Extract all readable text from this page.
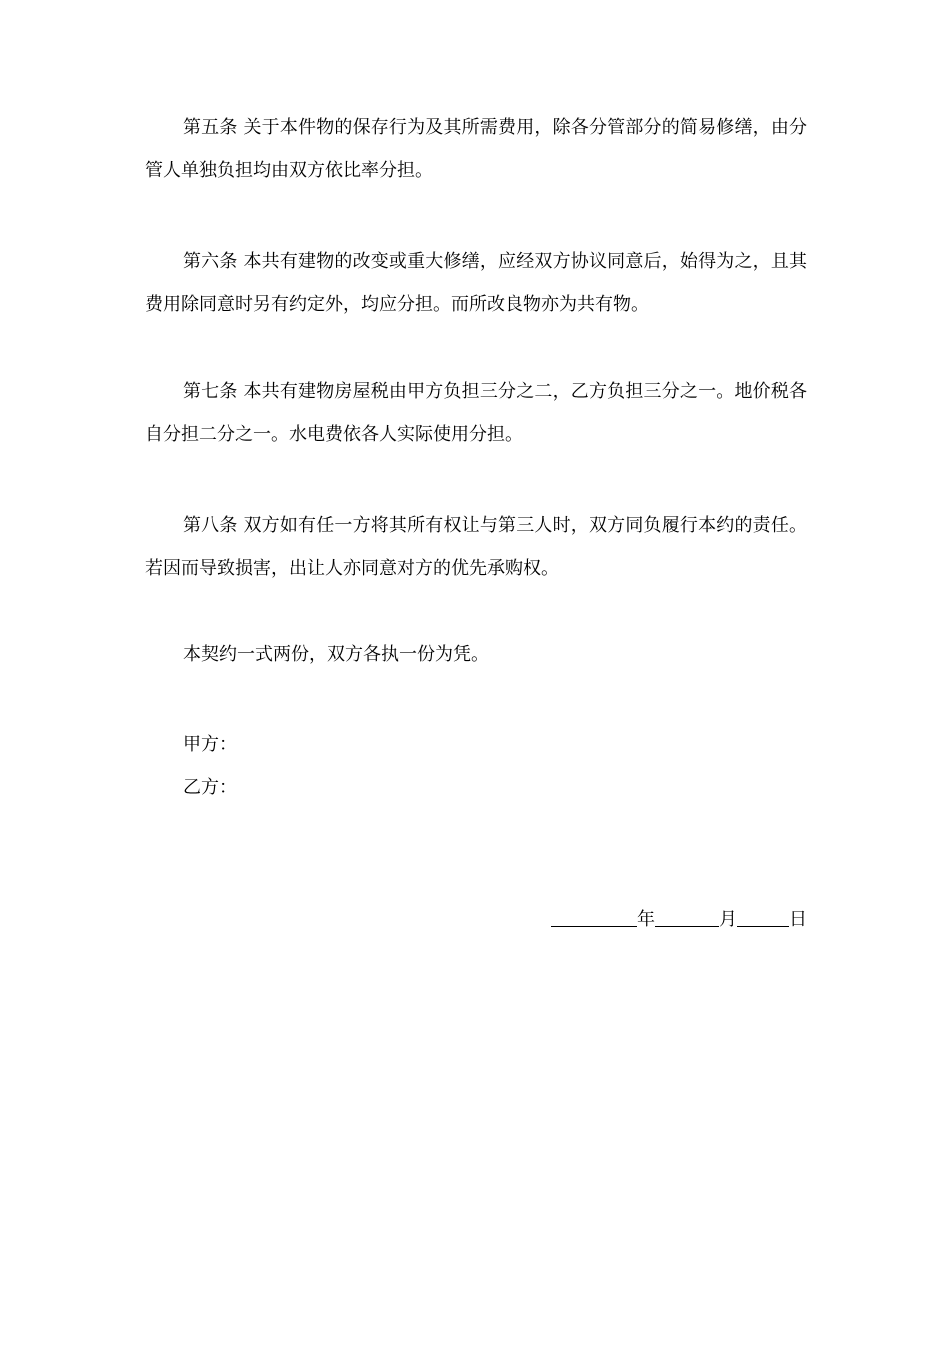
第五条 关于本件物的保存行为及其所需费用，除各分管部分的简易修缮，由分管人单独负担均由双方依比率分担。

第六条 本共有建物的改变或重大修缮，应经双方协议同意后，始得为之，且其费用除同意时另有约定外，均应分担。而所改良物亦为共有物。

第七条 本共有建物房屋税由甲方负担三分之二，乙方负担三分之一。地价税各自分担二分之一。水电费依各人实际使用分担。

第八条 双方如有任一方将其所有权让与第三人时，双方同负履行本约的责任。若因而导致损害，出让人亦同意对方的优先承购权。

本契约一式两份，双方各执一份为凭。

甲方：

乙方：

年	月	日
